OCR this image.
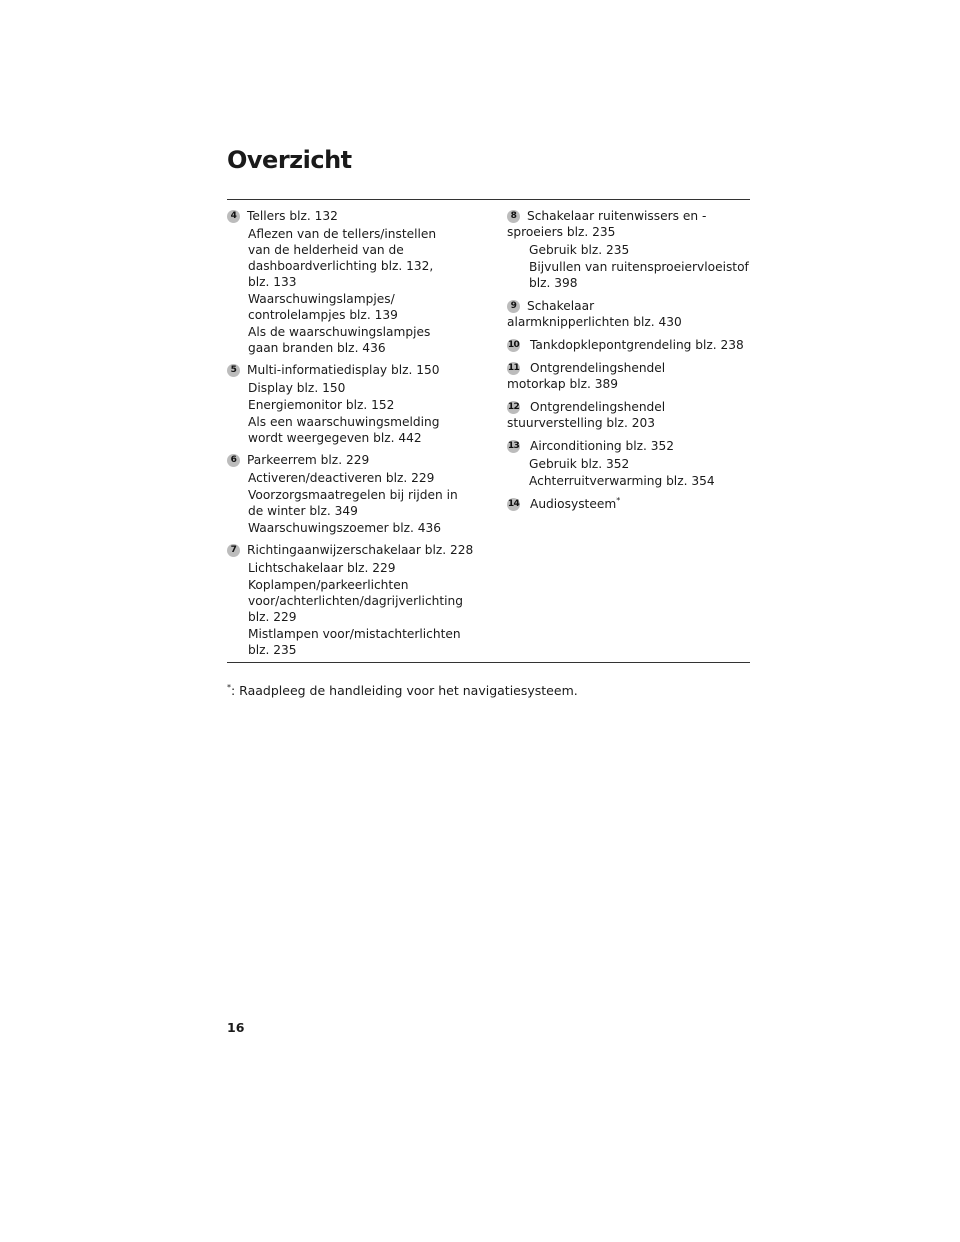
Overzicht
4 Tellers blz. 132
Aflezen van de tellers/instellen van de helderheid van de dashboardverlichting blz. 132, blz. 133
Waarschuwingslampjes/ controlelampjes blz. 139
Als de waarschuwingslampjes gaan branden blz. 436
5 Multi-informatiedisplay blz. 150
Display blz. 150
Energiemonitor blz. 152
Als een waarschuwingsmelding wordt weergegeven blz. 442
6 Parkeerrem blz. 229
Activeren/deactiveren blz. 229
Voorzorgsmaatregelen bij rijden in de winter blz. 349
Waarschuwingszoemer blz. 436
7 Richtingaanwijzerschakelaar blz. 228
Lichtschakelaar blz. 229
Koplampen/parkeerlichten voor/achterlichten/dagrijverlichting blz. 229
Mistlampen voor/mistachterlichten blz. 235
8 Schakelaar ruitenwissers en -sproeiers blz. 235
Gebruik blz. 235
Bijvullen van ruitensproeiervloeistof blz. 398
9 Schakelaar alarmknipperlichten blz. 430
10 Tankdopklepontgrendeling blz. 238
11 Ontgrendelingshendel motorkap blz. 389
12 Ontgrendelingshendel stuurverstelling blz. 203
13 Airconditioning blz. 352
Gebruik blz. 352
Achterruitverwarming blz. 354
14 Audiosysteem*
*: Raadpleeg de handleiding voor het navigatiesysteem.
16
